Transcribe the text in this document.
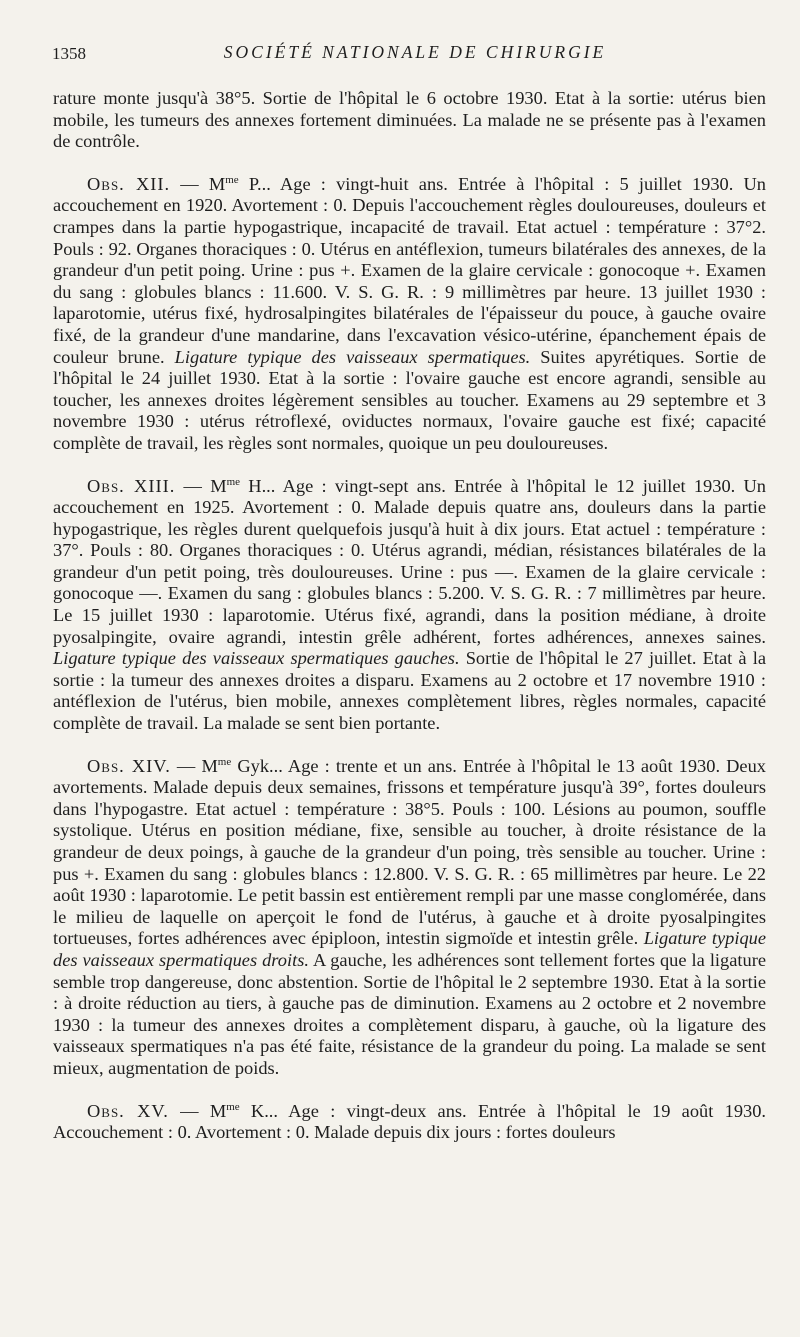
1358	SOCIÉTÉ NATIONALE DE CHIRURGIE

rature monte jusqu'à 38°5. Sortie de l'hôpital le 6 octobre 1930. Etat à la sortie: utérus bien mobile, les tumeurs des annexes fortement diminuées. La malade ne se présente pas à l'examen de contrôle.

Obs. XII. — $M^{me}$ P... Age : vingt-huit ans. Entrée à l'hôpital : 5 juillet 1930. Un accouchement en 1920. Avortement : 0. Depuis l'accouchement règles douloureuses, douleurs et crampes dans la partie hypogastrique, incapacité de travail. Etat actuel : température : 37°2. Pouls : 92. Organes thoraciques : 0. Utérus en antéflexion, tumeurs bilatérales des annexes, de la grandeur d'un petit poing. Urine : pus +. Examen de la glaire cervicale : gonocoque +. Examen du sang : globules blancs : 11.600. V. S. G. R. : 9 millimètres par heure. 13 juillet 1930 : laparotomie, utérus fixé, hydrosalpingites bilatérales de l'épaisseur du pouce, à gauche ovaire fixé, de la grandeur d'une mandarine, dans l'excavation vésico-utérine, épanchement épais de couleur brune. Ligature typique des vaisseaux spermatiques. Suites apyrétiques. Sortie de l'hôpital le 24 juillet 1930. Etat à la sortie : l'ovaire gauche est encore agrandi, sensible au toucher, les annexes droites légèrement sensibles au toucher. Examens au 29 septembre et 3 novembre 1930 : utérus rétroflexé, oviductes normaux, l'ovaire gauche est fixé; capacité complète de travail, les règles sont normales, quoique un peu douloureuses.

Obs. XIII. — $M^{me}$ H... Age : vingt-sept ans. Entrée à l'hôpital le 12 juillet 1930. Un accouchement en 1925. Avortement : 0. Malade depuis quatre ans, douleurs dans la partie hypogastrique, les règles durent quelquefois jusqu'à huit à dix jours. Etat actuel : température : 37°. Pouls : 80. Organes thoraciques : 0. Utérus agrandi, médian, résistances bilatérales de la grandeur d'un petit poing, très douloureuses. Urine : pus —. Examen de la glaire cervicale : gonocoque —. Examen du sang : globules blancs : 5.200. V. S. G. R. : 7 millimètres par heure. Le 15 juillet 1930 : laparotomie. Utérus fixé, agrandi, dans la position médiane, à droite pyosalpingite, ovaire agrandi, intestin grêle adhérent, fortes adhérences, annexes saines. Ligature typique des vaisseaux spermatiques gauches. Sortie de l'hôpital le 27 juillet. Etat à la sortie : la tumeur des annexes droites a disparu. Examens au 2 octobre et 17 novembre 1910 : antéflexion de l'utérus, bien mobile, annexes complètement libres, règles normales, capacité complète de travail. La malade se sent bien portante.

Obs. XIV. — $M^{me}$ Gyk... Age : trente et un ans. Entrée à l'hôpital le 13 août 1930. Deux avortements. Malade depuis deux semaines, frissons et température jusqu'à 39°, fortes douleurs dans l'hypogastre. Etat actuel : température : 38°5. Pouls : 100. Lésions au poumon, souffle systolique. Utérus en position médiane, fixe, sensible au toucher, à droite résistance de la grandeur de deux poings, à gauche de la grandeur d'un poing, très sensible au toucher. Urine : pus +. Examen du sang : globules blancs : 12.800. V. S. G. R. : 65 millimètres par heure. Le 22 août 1930 : laparotomie. Le petit bassin est entièrement rempli par une masse conglomérée, dans le milieu de laquelle on aperçoit le fond de l'utérus, à gauche et à droite pyosalpingites tortueuses, fortes adhérences avec épiploon, intestin sigmoïde et intestin grêle. Ligature typique des vaisseaux spermatiques droits. A gauche, les adhérences sont tellement fortes que la ligature semble trop dangereuse, donc abstention. Sortie de l'hôpital le 2 septembre 1930. Etat à la sortie : à droite réduction au tiers, à gauche pas de diminution. Examens au 2 octobre et 2 novembre 1930 : la tumeur des annexes droites a complètement disparu, à gauche, où la ligature des vaisseaux spermatiques n'a pas été faite, résistance de la grandeur du poing. La malade se sent mieux, augmentation de poids.

Obs. XV. — $M^{me}$ K... Age : vingt-deux ans. Entrée à l'hôpital le 19 août 1930. Accouchement : 0. Avortement : 0. Malade depuis dix jours : fortes douleurs
